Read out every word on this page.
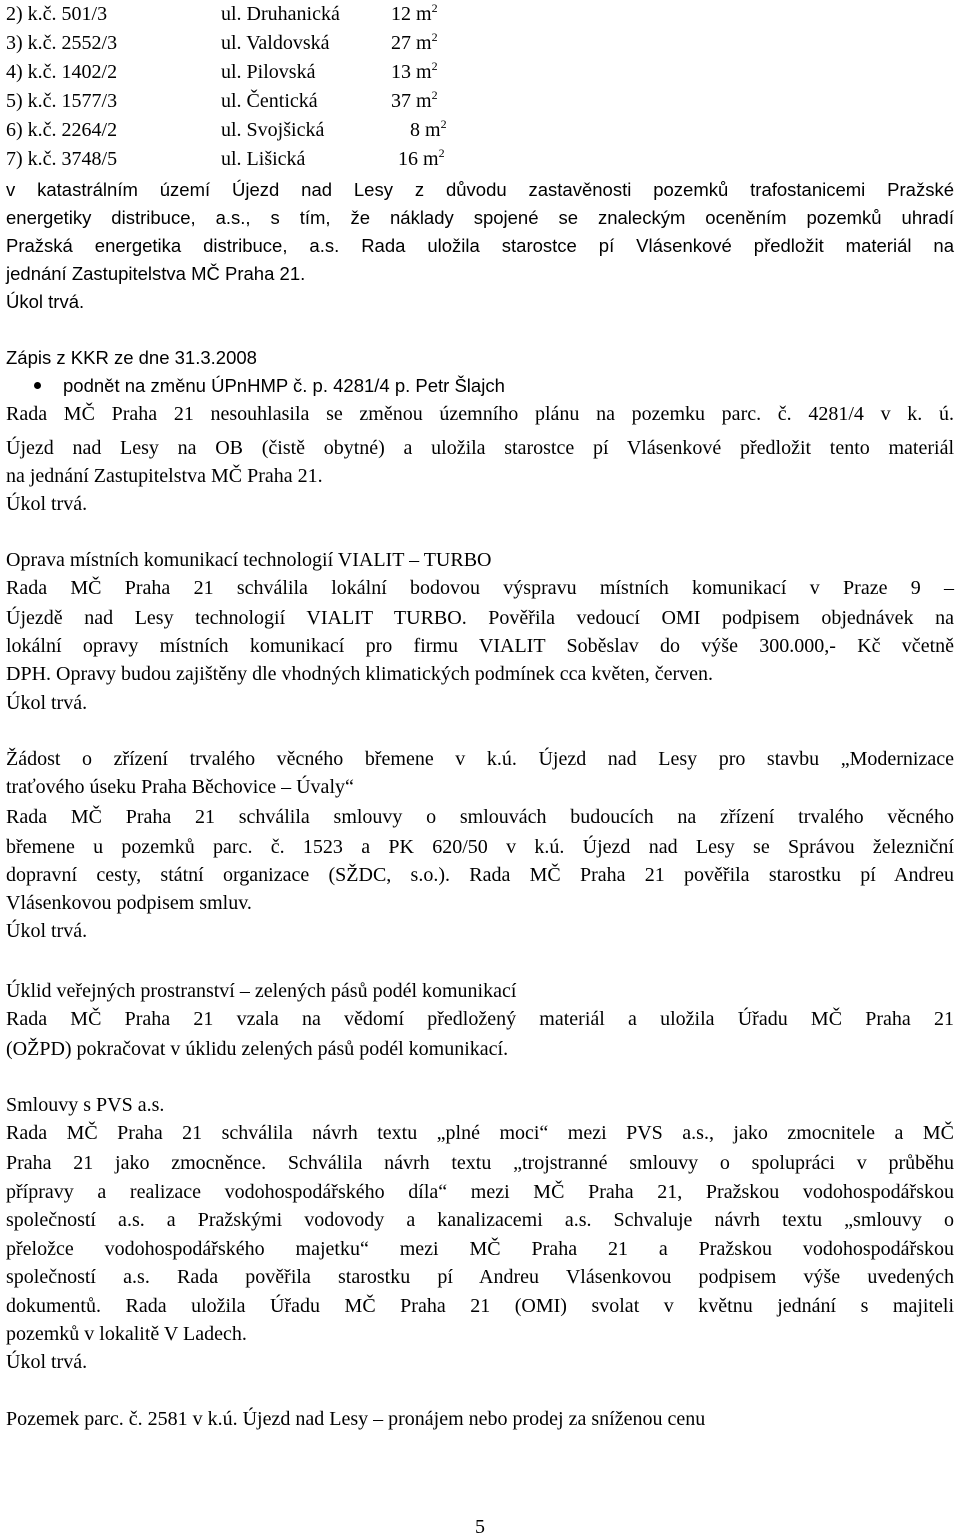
2) k.č. 501/3	ul. Druhanická	12 $m^2$
3) k.č. 2552/3	ul. Valdovská	27 $m^2$
4) k.č. 1402/2	ul. Pilovská	13 $m^2$
5) k.č. 1577/3	ul. Čentická	37 $m^2$
6) k.č. 2264/2	ul. Svojšická	8 $m^2$
7) k.č. 3748/5	ul. Lišická	16 $m^2$
v katastrálním území Újezd nad Lesy z důvodu zastavěnosti pozemků trafostanicemi Pražské
energetiky distribuce, a.s., s tím, že náklady spojené se znaleckým oceněním pozemků uhradí
Pražská energetika distribuce, a.s. Rada uložila starostce pí Vlásenkové předložit materiál na
jednání Zastupitelstva MČ Praha 21.
Úkol trvá.
Zápis z KKR ze dne 31.3.2008
podnět na změnu ÚPnHMP č. p. 4281/4 p. Petr Šlajch
Rada MČ Praha 21 nesouhlasila se změnou územního plánu na pozemku parc. č. 4281/4 v k. ú.
Újezd nad Lesy na OB (čistě obytné) a uložila starostce pí Vlásenkové předložit tento materiál
na jednání Zastupitelstva MČ Praha 21.
Úkol trvá.
Oprava místních komunikací technologií VIALIT – TURBO
Rada MČ Praha 21 schválila lokální bodovou výspravu místních komunikací v Praze 9 –
Újezdě nad Lesy technologií VIALIT TURBO. Pověřila vedoucí OMI podpisem objednávek na
lokální opravy místních komunikací pro firmu VIALIT Soběslav do výše 300.000,- Kč včetně
DPH. Opravy budou zajištěny dle vhodných klimatických podmínek cca květen, červen.
Úkol trvá.
Žádost o zřízení trvalého věcného břemene v k.ú. Újezd nad Lesy pro stavbu „Modernizace
traťového úseku Praha Běchovice – Úvaly“
Rada MČ Praha 21 schválila smlouvy o smlouvách budoucích na zřízení trvalého věcného
břemene u pozemků parc. č. 1523 a PK 620/50 v k.ú. Újezd nad Lesy se Správou železniční
dopravní cesty, státní organizace (SŽDC, s.o.). Rada MČ Praha 21 pověřila starostku pí Andreu
Vlásenkovou podpisem smluv.
Úkol trvá.
Úklid veřejných prostranství – zelených pásů podél komunikací
Rada MČ Praha 21 vzala na vědomí předložený materiál a uložila Úřadu MČ Praha 21
(OŽPD) pokračovat v úklidu zelených pásů podél komunikací.
Smlouvy s PVS a.s.
Rada MČ Praha 21 schválila návrh textu „plné moci“ mezi PVS a.s., jako zmocnitele a MČ
Praha 21 jako zmocněnce. Schválila návrh textu „trojstranné smlouvy o spolupráci v průběhu
přípravy a realizace vodohospodářského díla“ mezi MČ Praha 21, Pražskou vodohospodářskou
společností a.s. a Pražskými vodovody a kanalizacemi a.s. Schvaluje návrh textu „smlouvy o
přeložce vodohospodářského majetku“ mezi MČ Praha 21 a Pražskou vodohospodářskou
společností a.s. Rada pověřila starostku pí Andreu Vlásenkovou podpisem výše uvedených
dokumentů. Rada uložila Úřadu MČ Praha 21 (OMI) svolat v květnu jednání s majiteli
pozemků v lokalitě V Ladech.
Úkol trvá.
Pozemek parc. č. 2581 v k.ú. Újezd nad Lesy – pronájem nebo prodej za sníženou cenu
5
